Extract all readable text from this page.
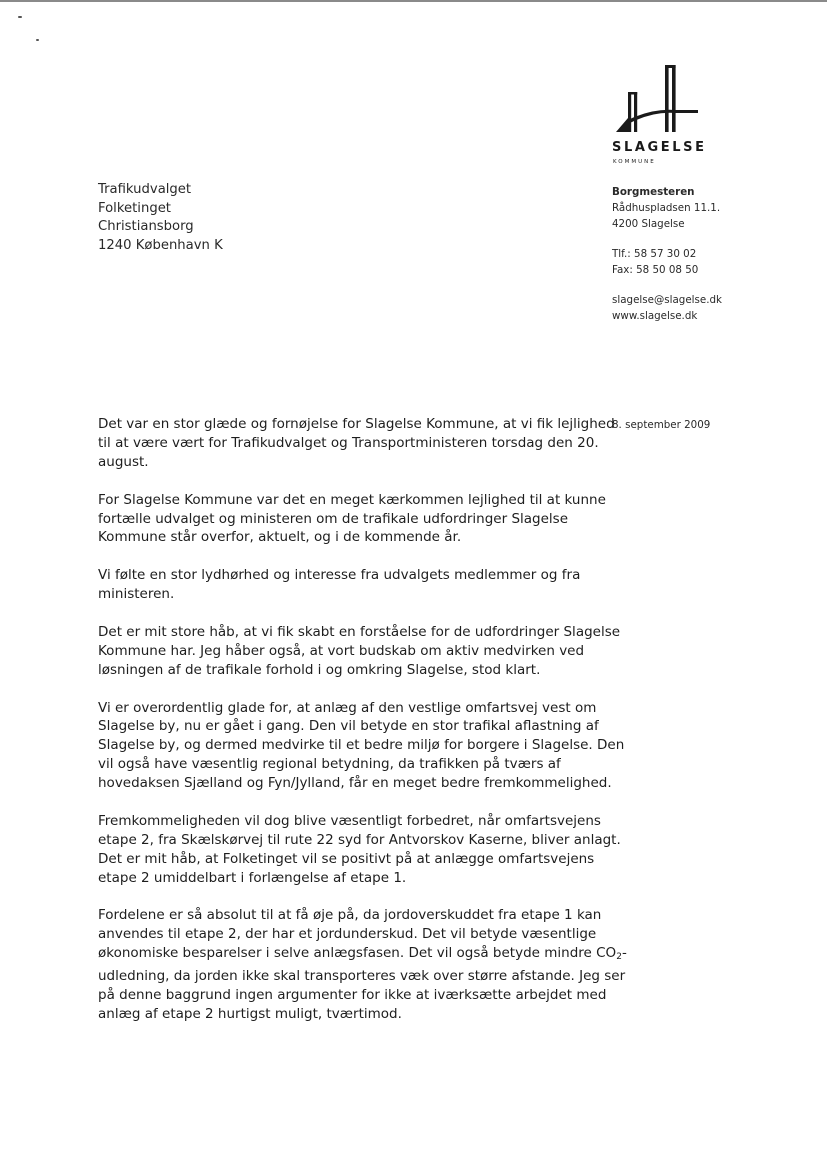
SLAGELSE
KOMMUNE
Trafikudvalget
Folketinget
Christiansborg
1240 København K
Borgmesteren
Rådhuspladsen 11.1.
4200 Slagelse
Tlf.: 58 57 30 02
Fax: 58 50 08 50
slagelse@slagelse.dk
www.slagelse.dk
8. september 2009

Det var en stor glæde og fornøjelse for Slagelse Kommune, at vi fik lejlighed
til at være vært for Trafikudvalget og Transportministeren torsdag den 20.
august.

For Slagelse Kommune var det en meget kærkommen lejlighed til at kunne
fortælle udvalget og ministeren om de trafikale udfordringer Slagelse
Kommune står overfor, aktuelt, og i de kommende år.

Vi følte en stor lydhørhed og interesse fra udvalgets medlemmer og fra
ministeren.

Det er mit store håb, at vi fik skabt en forståelse for de udfordringer Slagelse
Kommune har. Jeg håber også, at vort budskab om aktiv medvirken ved
løsningen af de trafikale forhold i og omkring Slagelse, stod klart.

Vi er overordentlig glade for, at anlæg af den vestlige omfartsvej vest om
Slagelse by, nu er gået i gang. Den vil betyde en stor trafikal aflastning af
Slagelse by, og dermed medvirke til et bedre miljø for borgere i Slagelse. Den
vil også have væsentlig regional betydning, da trafikken på tværs af
hovedaksen Sjælland og Fyn/Jylland, får en meget bedre fremkommelighed.

Fremkommeligheden vil dog blive væsentligt forbedret, når omfartsvejens
etape 2, fra Skælskørvej til rute 22 syd for Antvorskov Kaserne, bliver anlagt.
Det er mit håb, at Folketinget vil se positivt på at anlægge omfartsvejens
etape 2 umiddelbart i forlængelse af etape 1.

Fordelene er så absolut til at få øje på, da jordoverskuddet fra etape 1 kan
anvendes til etape 2, der har et jordunderskud. Det vil betyde væsentlige
økonomiske besparelser i selve anlægsfasen. Det vil også betyde mindre $CO_2-$
udledning, da jorden ikke skal transporteres væk over større afstande. Jeg ser
på denne baggrund ingen argumenter for ikke at iværksætte arbejdet med
anlæg af etape 2 hurtigst muligt, tværtimod.
